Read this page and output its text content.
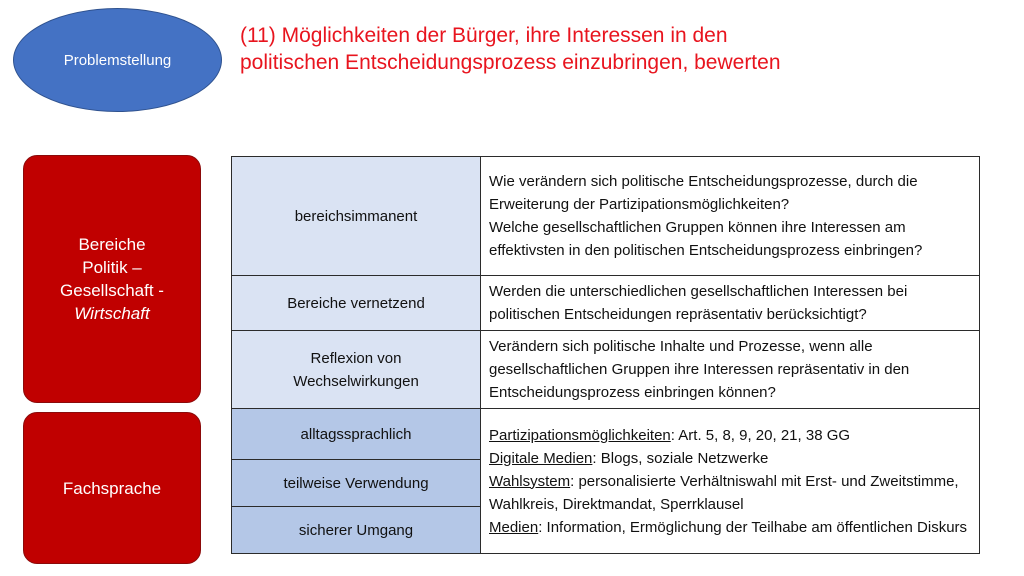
Problemstellung
(11) Möglichkeiten der Bürger, ihre Interessen in den
politischen Entscheidungsprozess einzubringen, bewerten
Bereiche
Politik –
Gesellschaft -
Wirtschaft
Fachsprache
bereichsimmanent	Wie verändern sich politische Entscheidungsprozesse, durch die Erweiterung der Partizipationsmöglichkeiten?
Welche gesellschaftlichen Gruppen können ihre Interessen am effektivsten in den politischen Entscheidungsprozess einbringen?

Bereiche vernetzend	Werden die unterschiedlichen gesellschaftlichen Interessen bei politischen Entscheidungen repräsentativ berücksichtigt?

Reflexion von
Wechselwirkungen	Verändern sich politische Inhalte und Prozesse, wenn alle gesellschaftlichen Gruppen ihre Interessen repräsentativ in den Entscheidungsprozess einbringen können?
alltagssprachlich	Partizipationsmöglichkeiten: Art. 5, 8, 9, 20, 21, 38 GG
Digitale Medien: Blogs, soziale Netzwerke
Wahlsystem: personalisierte Verhältniswahl mit Erst- und Zweitstimme, Wahlkreis, Direktmandat, Sperrklausel
Medien: Information, Ermöglichung der Teilhabe am öffentlichen Diskurs

teilweise Verwendung	
sicherer Umgang	
